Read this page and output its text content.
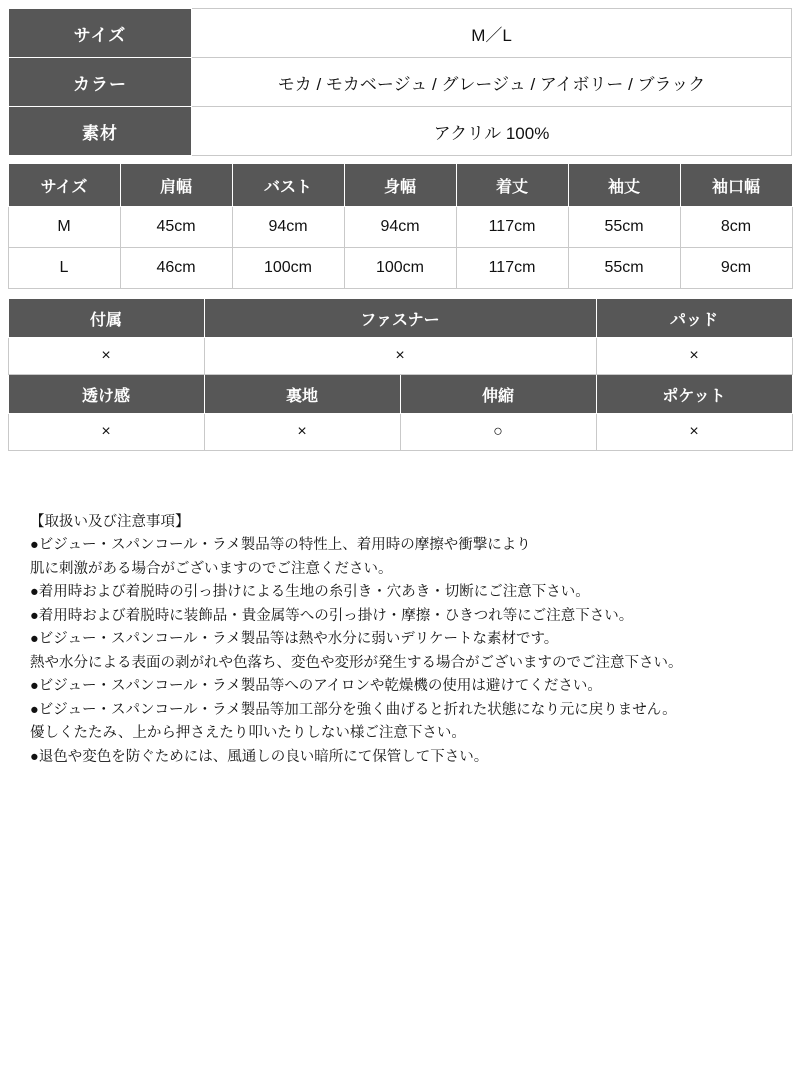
サイズ	M／L
カラー	モカ / モカベージュ / グレージュ / アイボリー / ブラック
素材	アクリル 100%
サイズ	肩幅	バスト	身幅	着丈	袖丈	袖口幅
M	45cm	94cm	94cm	117cm	55cm	8cm
L	46cm	100cm	100cm	117cm	55cm	9cm
付属	ファスナー		パッド
×	×		×
透け感	裏地	伸縮	ポケット
×	×	○	×
【取扱い及び注意事項】
●ビジュー・スパンコール・ラメ製品等の特性上、着用時の摩擦や衝撃により
肌に刺激がある場合がございますのでご注意ください。
●着用時および着脱時の引っ掛けによる生地の糸引き・穴あき・切断にご注意下さい。
●着用時および着脱時に装飾品・貴金属等への引っ掛け・摩擦・ひきつれ等にご注意下さい。
●ビジュー・スパンコール・ラメ製品等は熱や水分に弱いデリケートな素材です。
熱や水分による表面の剥がれや色落ち、変色や変形が発生する場合がございますのでご注意下さい。
●ビジュー・スパンコール・ラメ製品等へのアイロンや乾燥機の使用は避けてください。
●ビジュー・スパンコール・ラメ製品等加工部分を強く曲げると折れた状態になり元に戻りません。
優しくたたみ、上から押さえたり叩いたりしない様ご注意下さい。
●退色や変色を防ぐためには、風通しの良い暗所にて保管して下さい。
